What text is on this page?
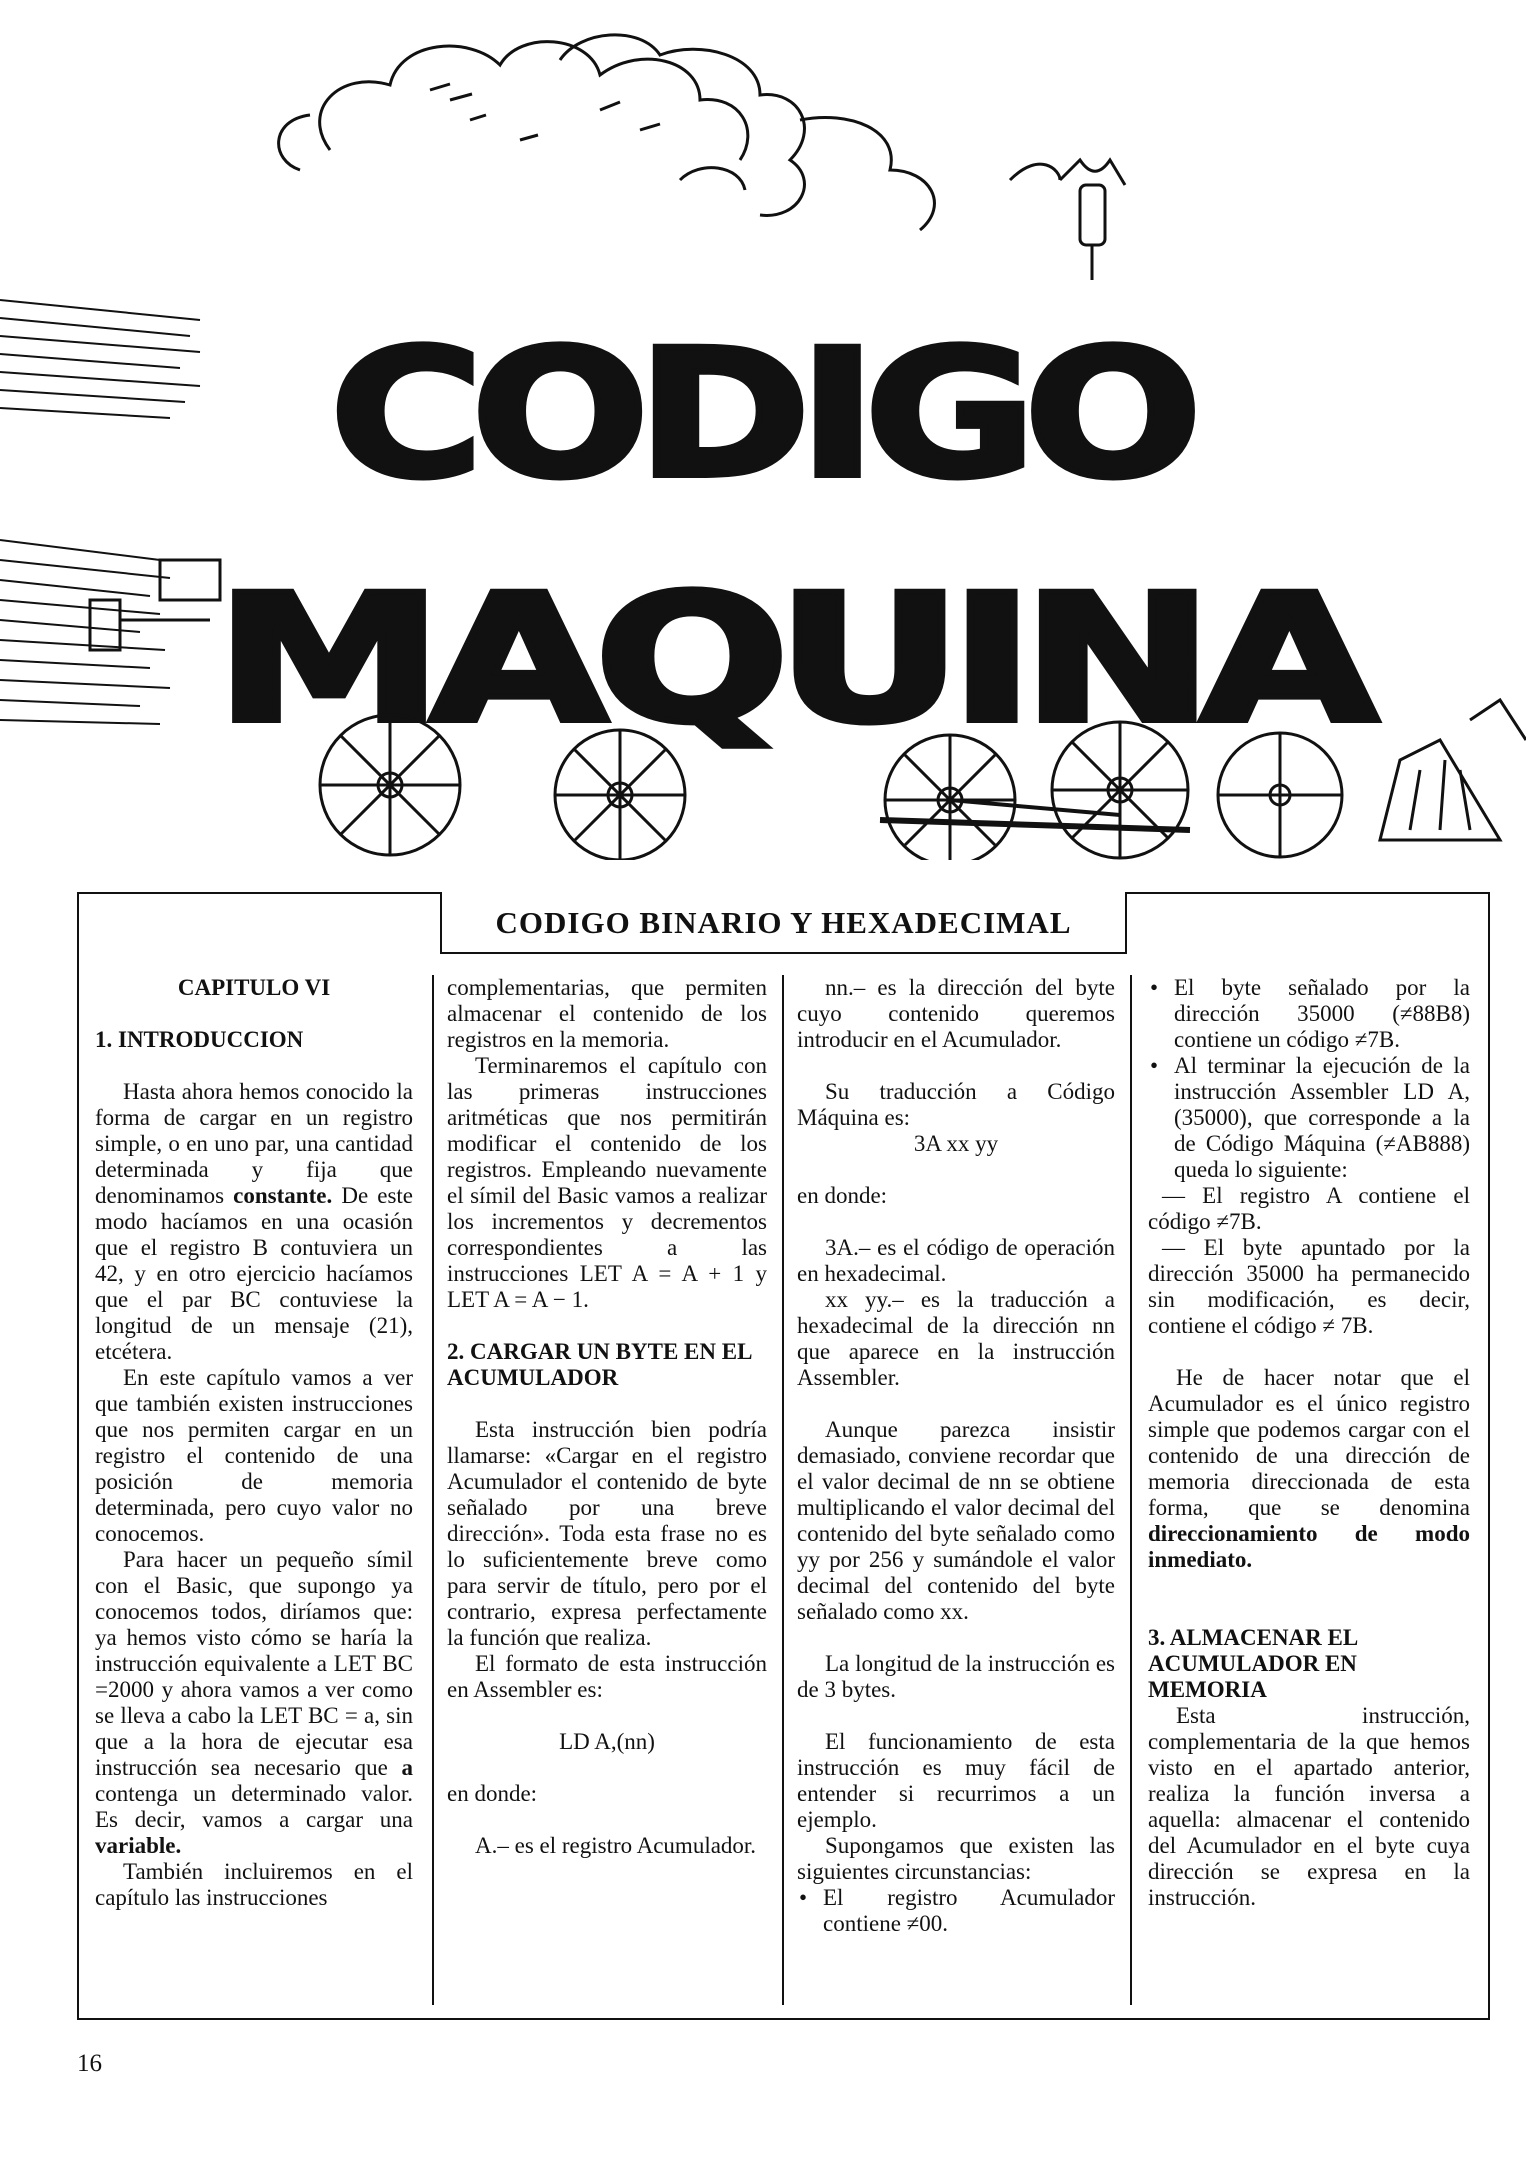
CODIGO
MAQUINA
CODIGO BINARIO Y HEXADECIMAL
CAPITULO VI
1. INTRODUCCION

Hasta ahora hemos conocido la forma de cargar en un registro simple, o en uno par, una cantidad determinada y fija que denominamos constante. De este modo hacíamos en una ocasión que el registro B contuviera un 42, y en otro ejercicio hacíamos que el par BC contuviese la longitud de un mensaje (21), etcétera.

En este capítulo vamos a ver que también existen instrucciones que nos permiten cargar en un registro el contenido de una posición de memoria determinada, pero cuyo valor no conocemos.

Para hacer un pequeño símil con el Basic, que supongo ya conocemos todos, diríamos que: ya hemos visto cómo se haría la instrucción equivalente a LET BC =2000 y ahora vamos a ver como se lleva a cabo la LET BC = a, sin que a la hora de ejecutar esa instrucción sea necesario que a contenga un determinado valor. Es decir, vamos a cargar una variable.

También incluiremos en el capítulo las instrucciones

complementarias, que permiten almacenar el contenido de los registros en la memoria.

Terminaremos el capítulo con las primeras instrucciones aritméticas que nos permitirán modificar el contenido de los registros. Empleando nuevamente el símil del Basic vamos a realizar los incrementos y decrementos correspondientes a las instrucciones LET A = A + 1 y LET A = A − 1.

2. CARGAR UN BYTE EN EL ACUMULADOR

Esta instrucción bien podría llamarse: «Cargar en el registro Acumulador el contenido de byte señalado por una breve dirección». Toda esta frase no es lo suficientemente breve como para servir de título, pero por el contrario, expresa perfectamente la función que realiza.

El formato de esta instrucción en Assembler es:

LD A,(nn)

en donde:

A.– es el registro Acumulador.

nn.– es la dirección del byte cuyo contenido queremos introducir en el Acumulador.

Su traducción a Código Máquina es:

3A xx yy

en donde:

3A.– es el código de operación en hexadecimal.

xx yy.– es la traducción a hexadecimal de la dirección nn que aparece en la instrucción Assembler.

Aunque parezca insistir demasiado, conviene recordar que el valor decimal de nn se obtiene multiplicando el valor decimal del contenido del byte señalado como yy por 256 y sumándole el valor decimal del contenido del byte señalado como xx.

La longitud de la instrucción es de 3 bytes.

El funcionamiento de esta instrucción es muy fácil de entender si recurrimos a un ejemplo.

Supongamos que existen las siguientes circunstancias:

• El registro Acumulador contiene ≠00.
• El byte señalado por la dirección 35000 (≠88B8) contiene un código ≠7B.
• Al terminar la ejecución de la instrucción Assembler LD A, (35000), que corresponde a la de Código Máquina (≠AB888) queda lo siguiente:

— El registro A contiene el código ≠7B.

— El byte apuntado por la dirección 35000 ha permanecido sin modificación, es decir, contiene el código ≠ 7B.

He de hacer notar que el Acumulador es el único registro simple que podemos cargar con el contenido de una dirección de memoria direccionada de esta forma, que se denomina direccionamiento de modo inmediato.

3. ALMACENAR EL ACUMULADOR EN MEMORIA

Esta instrucción, complementaria de la que hemos visto en el apartado anterior, realiza la función inversa a aquella: almacenar el contenido del Acumulador en el byte cuya dirección se expresa en la instrucción.

16
